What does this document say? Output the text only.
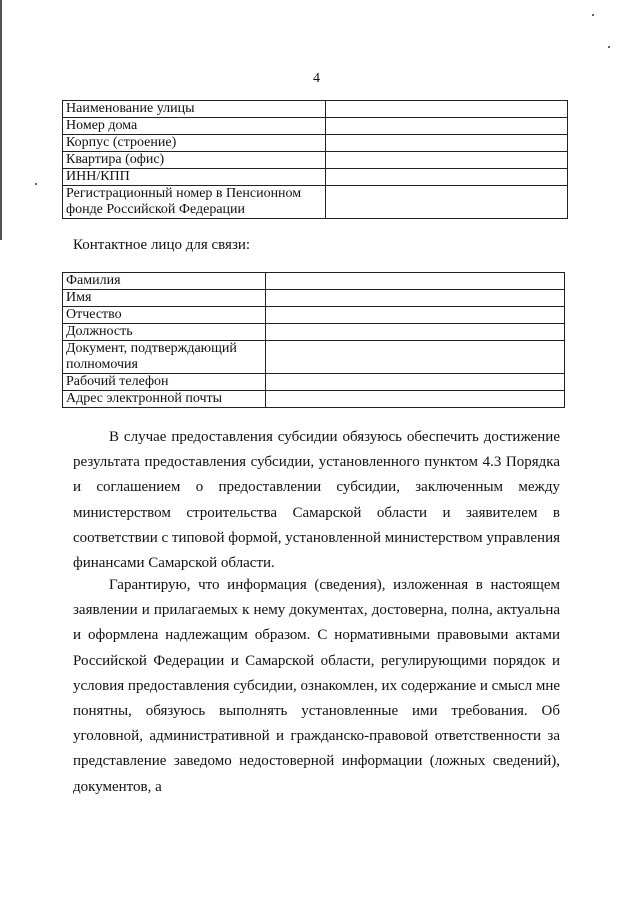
4
Наименование улицы	
Номер дома	
Корпус (строение)	
Квартира (офис)	
ИНН/КПП	
Регистрационный номер в Пенсионном фонде Российской Федерации	
Контактное лицо для связи:
Фамилия	
Имя	
Отчество	
Должность	
Документ, подтверждающий полномочия	
Рабочий телефон	
Адрес электронной почты	

В случае предоставления субсидии обязуюсь обеспечить достижение результата предоставления субсидии, установленного пунктом 4.3 Порядка и соглашением о предоставлении субсидии, заключенным между министерством строительства Самарской области и заявителем в соответствии с типовой формой, установленной министерством управления финансами Самарской области.

Гарантирую, что информация (сведения), изложенная в настоящем заявлении и прилагаемых к нему документах, достоверна, полна, актуальна и оформлена надлежащим образом. С нормативными правовыми актами Российской Федерации и Самарской области, регулирующими порядок и условия предоставления субсидии, ознакомлен, их содержание и смысл мне понятны, обязуюсь выполнять установленные ими требования. Об уголовной, административной и гражданско-правовой ответственности за представление заведомо недостоверной информации (ложных сведений), документов, а
